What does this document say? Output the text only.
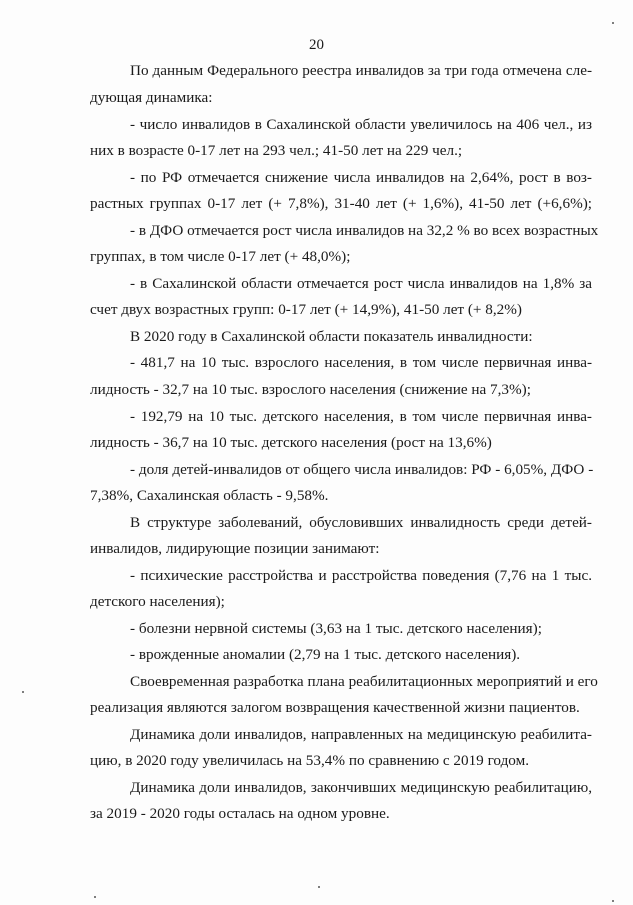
20
По данным Федерального реестра инвалидов за три года отмечена сле-
дующая динамика:
- число инвалидов в Сахалинской области увеличилось на 406 чел., из
них в возрасте 0-17 лет на 293 чел.; 41-50 лет на 229 чел.;
- по РФ отмечается снижение числа инвалидов на 2,64%, рост в воз-
растных группах 0-17 лет (+ 7,8%), 31-40 лет (+ 1,6%), 41-50 лет (+6,6%);
- в ДФО отмечается рост числа инвалидов на 32,2 % во всех возрастных
группах, в том числе 0-17 лет (+ 48,0%);
- в Сахалинской области отмечается рост числа инвалидов на 1,8% за
счет двух возрастных групп: 0-17 лет (+ 14,9%), 41-50 лет (+ 8,2%)
В 2020 году в Сахалинской области показатель инвалидности:
- 481,7 на 10 тыс. взрослого населения, в том числе первичная инва-
лидность - 32,7 на 10 тыс. взрослого населения (снижение на 7,3%);
- 192,79 на 10 тыс. детского населения, в том числе первичная инва-
лидность - 36,7 на 10 тыс. детского населения (рост на 13,6%)
- доля детей-инвалидов от общего числа инвалидов: РФ - 6,05%, ДФО -
7,38%, Сахалинская область - 9,58%.
В структуре заболеваний, обусловивших инвалидность среди детей-
инвалидов, лидирующие позиции занимают:
- психические расстройства и расстройства поведения (7,76 на 1 тыс.
детского населения);
- болезни нервной системы (3,63 на 1 тыс. детского населения);
- врожденные аномалии (2,79 на 1 тыс. детского населения).
Своевременная разработка плана реабилитационных мероприятий и его
реализация являются залогом возвращения качественной жизни пациентов.
Динамика доли инвалидов, направленных на медицинскую реабилита-
цию, в 2020 году увеличилась на 53,4% по сравнению с 2019 годом.
Динамика доли инвалидов, закончивших медицинскую реабилитацию,
за 2019 - 2020 годы осталась на одном уровне.
